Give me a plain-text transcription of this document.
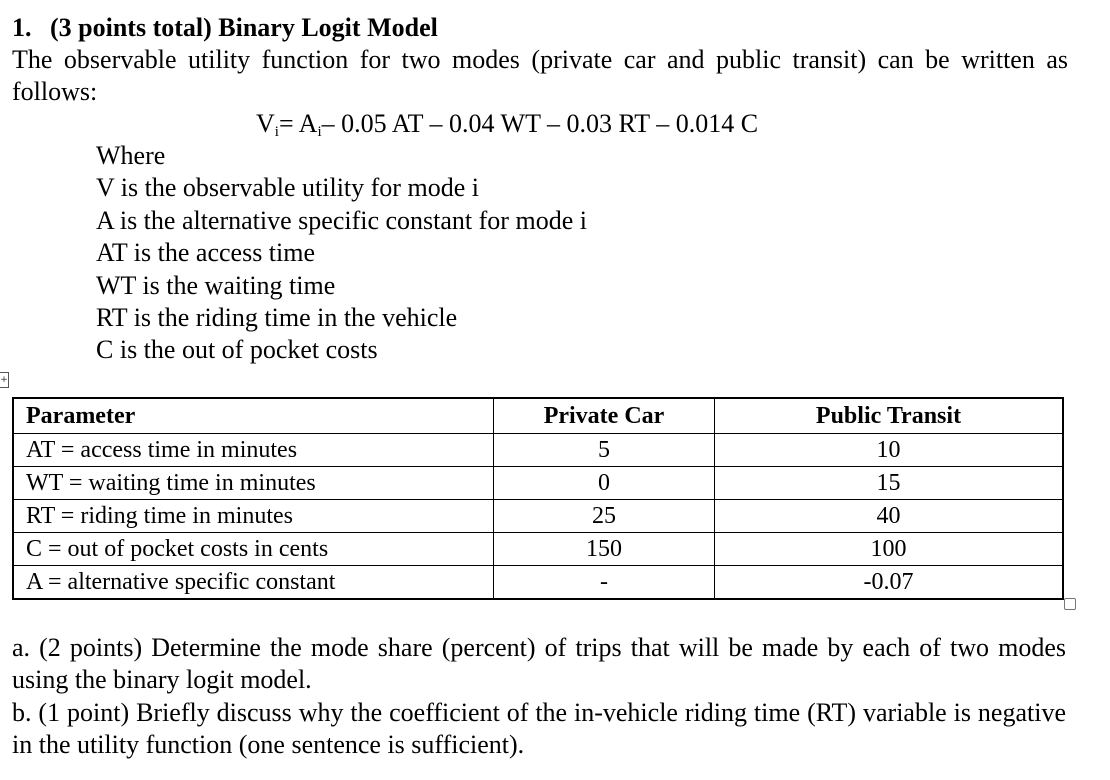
1. (3 points total) Binary Logit Model
The observable utility function for two modes (private car and public transit) can be written as follows:
$V_i= A_i-$ 0.05 AT – 0.04 WT – 0.03 RT – 0.014 C
Where
V is the observable utility for mode i
A is the alternative specific constant for mode i
AT is the access time
WT is the waiting time
RT is the riding time in the vehicle
C is the out of pocket costs
+
Parameter	Private Car	Public Transit
AT = access time in minutes	5	10
WT = waiting time in minutes	0	15
RT = riding time in minutes	25	40
C = out of pocket costs in cents	150	100
A = alternative specific constant	-	-0.07
a. (2 points) Determine the mode share (percent) of trips that will be made by each of two modes using the binary logit model.
b. (1 point) Briefly discuss why the coefficient of the in-vehicle riding time (RT) variable is negative in the utility function (one sentence is sufficient).
